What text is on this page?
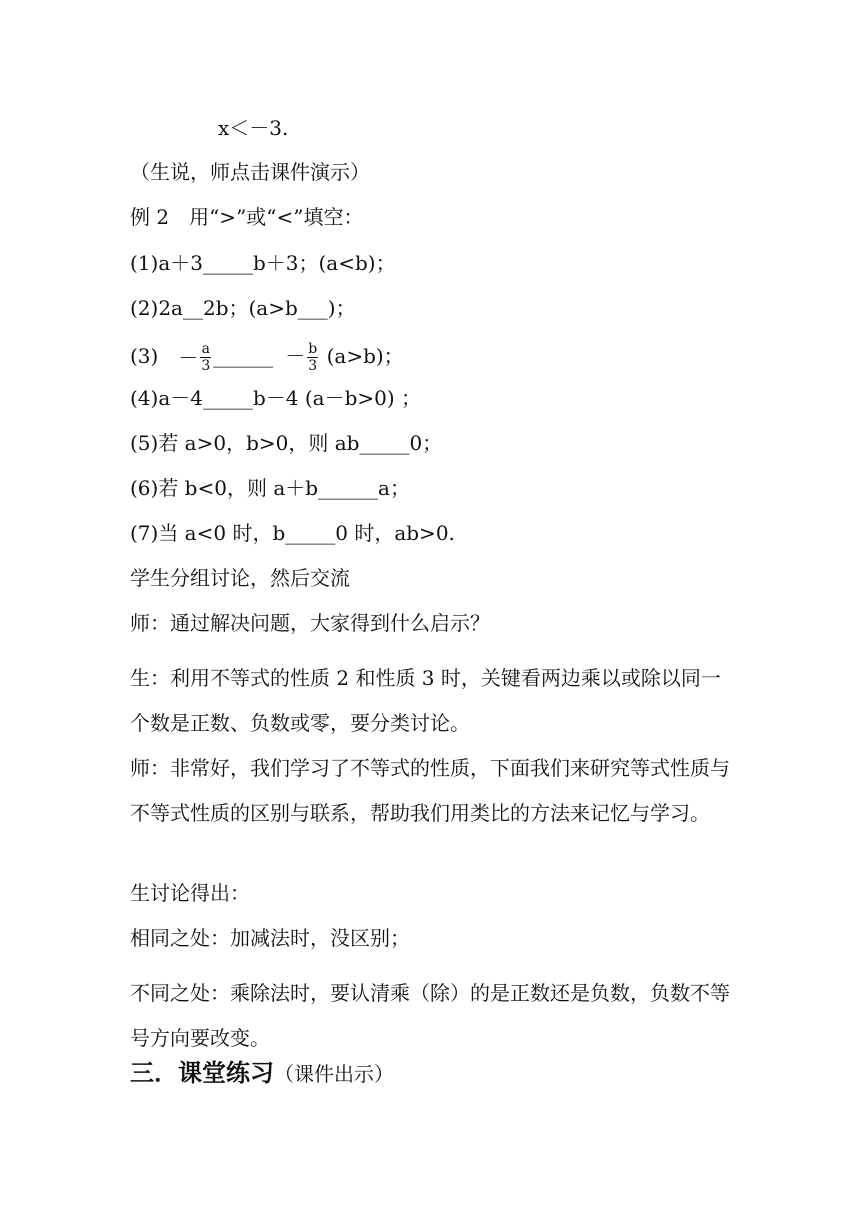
x＜－3.
（生说，师点击课件演示）
例 2　用“>”或“<”填空：
(1)a＋3_____b＋3；(a<b)；
(2)2a__2b；(a>b___)；
$(3) - \frac{a}{3}$ ______ － $\frac{b}{3} (a>b)$；
(4)a－4_____b－4 (a－b>0) ；
(5)若 a>0，b>0，则 ab_____0；
(6)若 b<0，则 a＋b______a；
(7)当 a<0 时，b_____0 时，ab>0.
学生分组讨论，然后交流
师：通过解决问题，大家得到什么启示？
生：利用不等式的性质 2 和性质 3 时，关键看两边乘以或除以同一个数是正数、负数或零，要分类讨论。
师：非常好，我们学习了不等式的性质，下面我们来研究等式性质与不等式性质的区别与联系，帮助我们用类比的方法来记忆与学习。
生讨论得出：
相同之处：加减法时，没区别；
不同之处：乘除法时，要认清乘（除）的是正数还是负数，负数不等号方向要改变。
三．课堂练习（课件出示）
